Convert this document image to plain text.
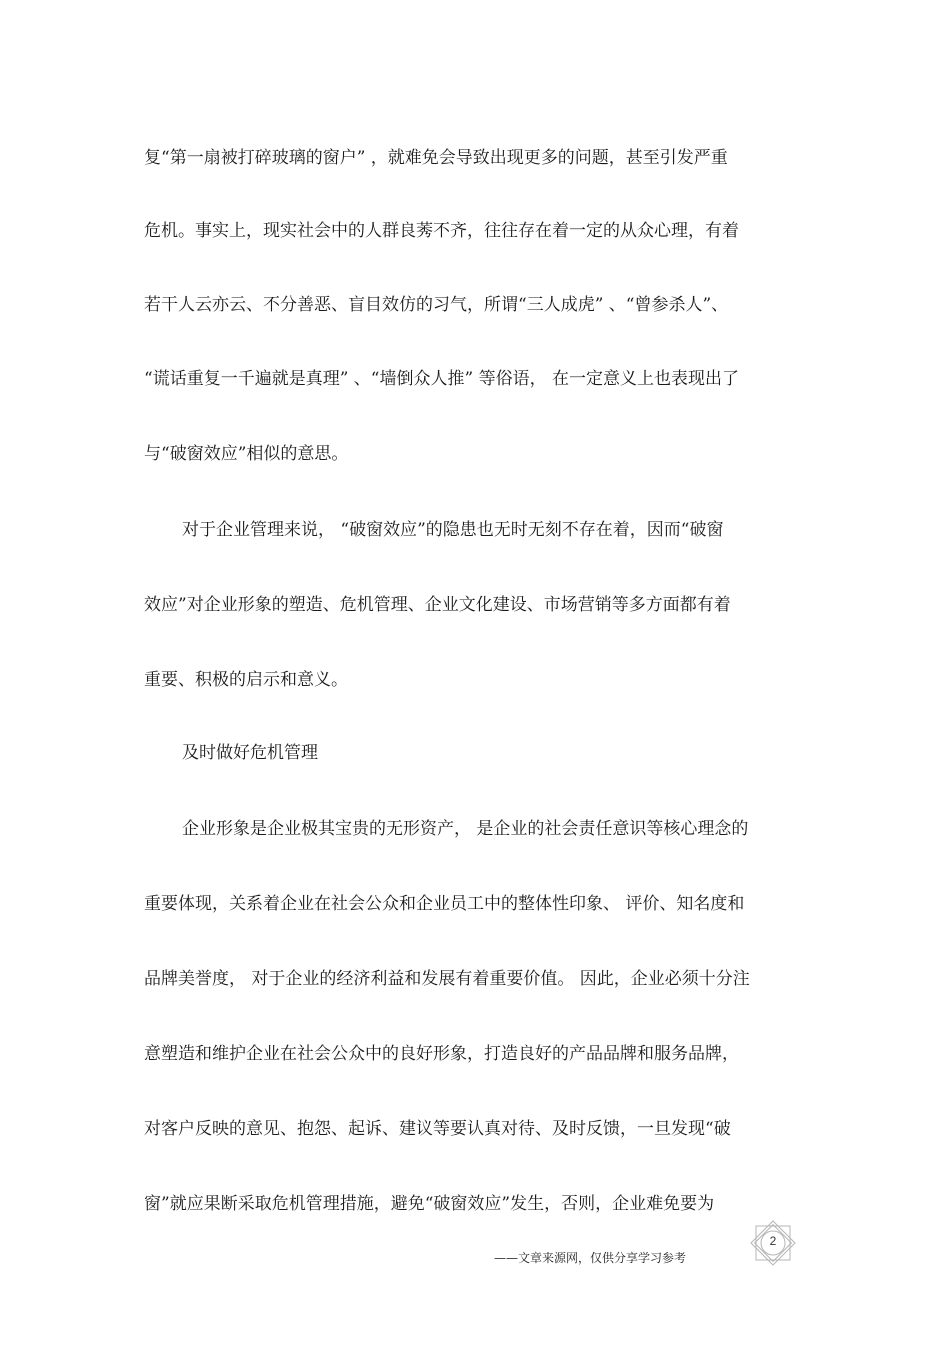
复“第一扇被打碎玻璃的窗户” ，就难免会导致出现更多的问题，甚至引发严重
危机。事实上，现实社会中的人群良莠不齐，往往存在着一定的从众心理，有着
若干人云亦云、不分善恶、盲目效仿的习气，所谓“三人成虎” 、“曾参杀人”、
“谎话重复一千遍就是真理” 、“墙倒众人推” 等俗语， 在一定意义上也表现出了
与“破窗效应”相似的意思。
对于企业管理来说， “破窗效应”的隐患也无时无刻不存在着，因而“破窗
效应”对企业形象的塑造、危机管理、企业文化建设、市场营销等多方面都有着
重要、积极的启示和意义。
及时做好危机管理
企业形象是企业极其宝贵的无形资产， 是企业的社会责任意识等核心理念的
重要体现，关系着企业在社会公众和企业员工中的整体性印象、 评价、知名度和
品牌美誉度， 对于企业的经济利益和发展有着重要价值。 因此，企业必须十分注
意塑造和维护企业在社会公众中的良好形象，打造良好的产品品牌和服务品牌，
对客户反映的意见、抱怨、起诉、建议等要认真对待、及时反馈，一旦发现“破
窗”就应果断采取危机管理措施，避免“破窗效应”发生，否则，企业难免要为
——文章来源网，仅供分享学习参考
2
